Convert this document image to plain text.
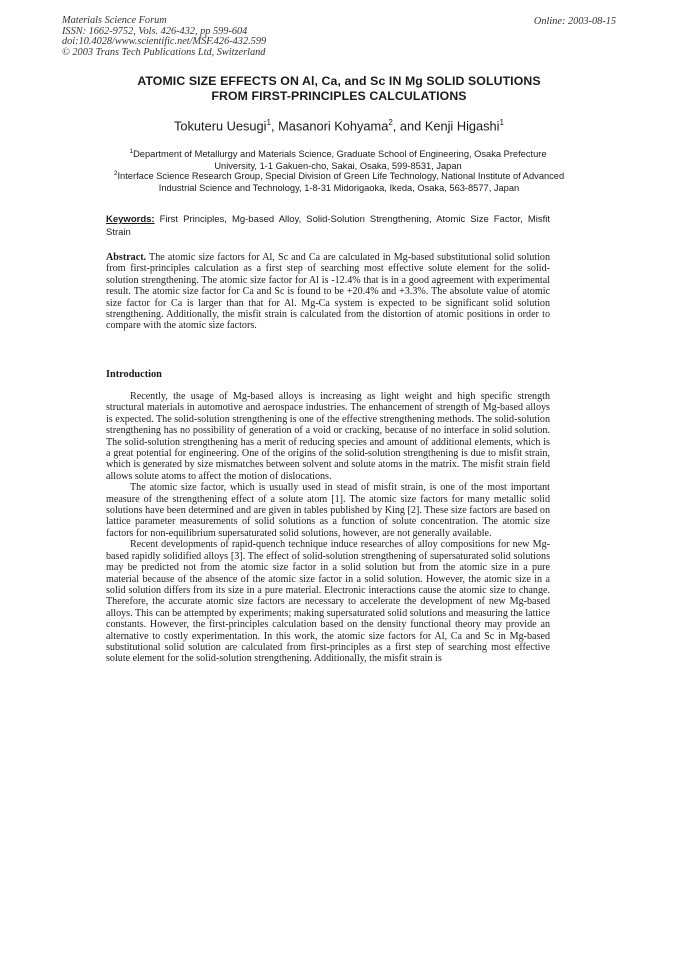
Materials Science Forum
ISSN: 1662-9752, Vols. 426-432, pp 599-604
doi:10.4028/www.scientific.net/MSF.426-432.599
© 2003 Trans Tech Publications Ltd, Switzerland
Online: 2003-08-15
ATOMIC SIZE EFFECTS ON Al, Ca, and Sc IN Mg SOLID SOLUTIONS
FROM FIRST-PRINCIPLES CALCULATIONS
Tokuteru Uesugi$^1$, Masanori Kohyama$^2$, and Kenji Higashi$^1$
$^1$Department of Metallurgy and Materials Science, Graduate School of Engineering, Osaka Prefecture University, 1-1 Gakuen-cho, Sakai, Osaka, 599-8531, Japan
$^2$Interface Science Research Group, Special Division of Green Life Technology, National Institute of Advanced Industrial Science and Technology, 1-8-31 Midorigaoka, Ikeda, Osaka, 563-8577, Japan
Keywords: First Principles, Mg-based Alloy, Solid-Solution Strengthening, Atomic Size Factor, Misfit Strain
Abstract. The atomic size factors for Al, Sc and Ca are calculated in Mg-based substitutional solid solution from first-principles calculation as a first step of searching most effective solute element for the solid-solution strengthening. The atomic size factor for Al is -12.4% that is in a good agreement with experimental result. The atomic size factor for Ca and Sc is found to be +20.4% and +3.3%. The absolute value of atomic size factor for Ca is larger than that for Al. Mg-Ca system is expected to be significant solid solution strengthening. Additionally, the misfit strain is calculated from the distortion of atomic positions in order to compare with the atomic size factors.
Introduction

Recently, the usage of Mg-based alloys is increasing as light weight and high specific strength structural materials in automotive and aerospace industries. The enhancement of strength of Mg-based alloys is expected. The solid-solution strengthening is one of the effective strengthening methods. The solid-solution strengthening has no possibility of generation of a void or cracking, because of no interface in solid solution. The solid-solution strengthening has a merit of reducing species and amount of additional elements, which is a great potential for engineering. One of the origins of the solid-solution strengthening is due to misfit strain, which is generated by size mismatches between solvent and solute atoms in the matrix. The misfit strain field allows solute atoms to affect the motion of dislocations.

The atomic size factor, which is usually used in stead of misfit strain, is one of the most important measure of the strengthening effect of a solute atom [1]. The atomic size factors for many metallic solid solutions have been determined and are given in tables published by King [2]. These size factors are based on lattice parameter measurements of solid solutions as a function of solute concentration. The atomic size factors for non-equilibrium supersaturated solid solutions, however, are not generally available.

Recent developments of rapid-quench technique induce researches of alloy compositions for new Mg-based rapidly solidified alloys [3]. The effect of solid-solution strengthening of supersaturated solid solutions may be predicted not from the atomic size factor in a solid solution but from the atomic size in a pure material because of the absence of the atomic size factor in a solid solution. However, the atomic size in a solid solution differs from its size in a pure material. Electronic interactions cause the atomic size to change. Therefore, the accurate atomic size factors are necessary to accelerate the development of new Mg-based alloys. This can be attempted by experiments; making supersaturated solid solutions and measuring the lattice constants. However, the first-principles calculation based on the density functional theory may provide an alternative to costly experimentation. In this work, the atomic size factors for Al, Ca and Sc in Mg-based substitutional solid solution are calculated from first-principles as a first step of searching most effective solute element for the solid-solution strengthening. Additionally, the misfit strain is
